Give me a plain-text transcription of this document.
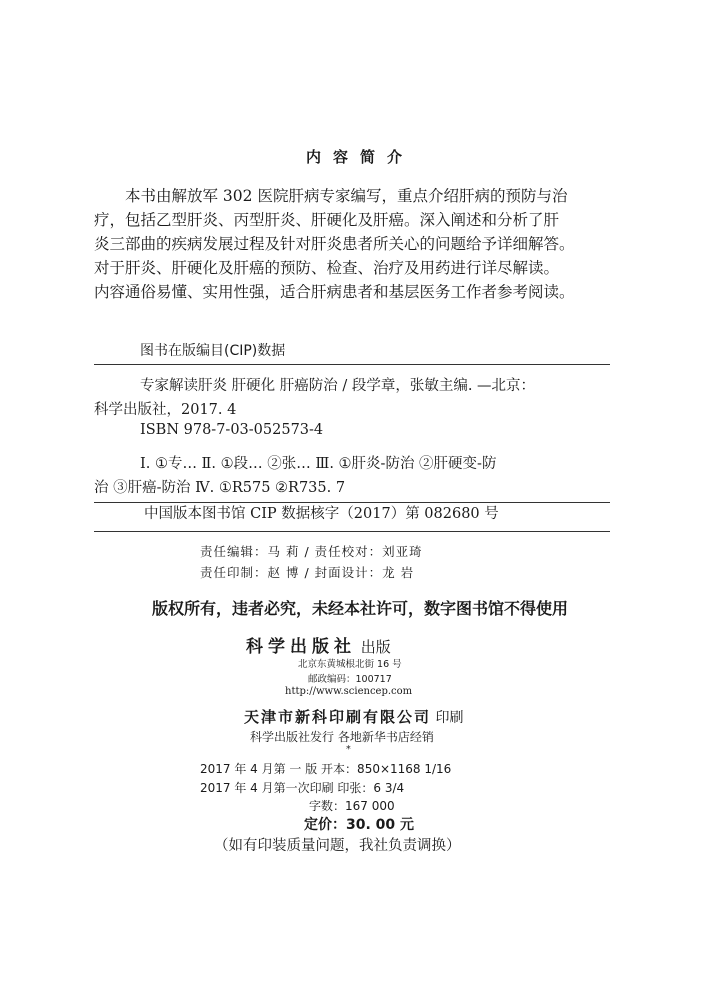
内容简介
本书由解放军 302 医院肝病专家编写，重点介绍肝病的预防与治
疗，包括乙型肝炎、丙型肝炎、肝硬化及肝癌。深入阐述和分析了肝
炎三部曲的疾病发展过程及针对肝炎患者所关心的问题给予详细解答。
对于肝炎、肝硬化及肝癌的预防、检查、治疗及用药进行详尽解读。
内容通俗易懂、实用性强，适合肝病患者和基层医务工作者参考阅读。
图书在版编目(CIP)数据
专家解读肝炎 肝硬化 肝癌防治 / 段学章，张敏主编. —北京：
科学出版社，2017. 4
ISBN 978-7-03-052573-4
Ⅰ. ①专… Ⅱ. ①段… ②张… Ⅲ. ①肝炎-防治 ②肝硬变-防
治 ③肝癌-防治 Ⅳ. ①R575 ②R735. 7
中国版本图书馆 CIP 数据核字（2017）第 082680 号
责任编辑：马 莉 / 责任校对：刘亚琦
责任印制：赵 博 / 封面设计：龙 岩
版权所有，违者必究，未经本社许可，数字图书馆不得使用
科学出版社 出版
北京东黄城根北街 16 号
邮政编码：100717
http://www.sciencep.com
天津市新科印刷有限公司 印刷
科学出版社发行 各地新华书店经销
*
2017 年 4 月第 一 版 开本：850×1168 1/16
2017 年 4 月第一次印刷 印张：6 3/4
字数：167 000
定价：30. 00 元
（如有印装质量问题，我社负责调换）
